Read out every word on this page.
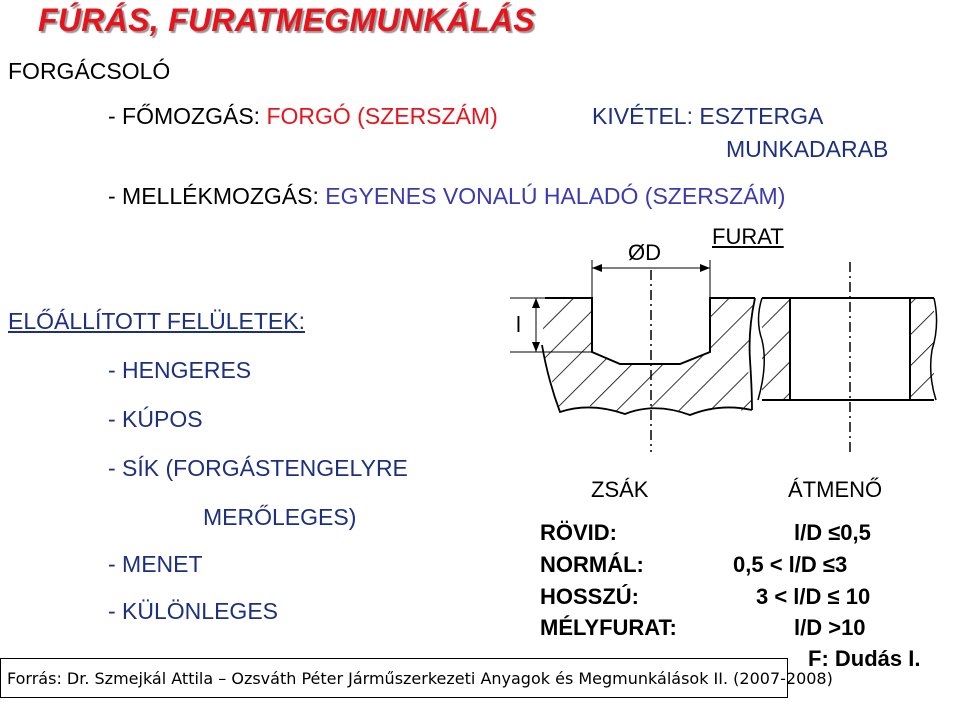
FÚRÁS, FURATMEGMUNKÁLÁS
FORGÁCSOLÓ
- FŐMOZGÁS: FORGÓ (SZERSZÁM)	KIVÉTEL: ESZTERGA
MUNKADARAB
- MELLÉKMOZGÁS: EGYENES VONALÚ HALADÓ (SZERSZÁM)
ELŐÁLLÍTOTT FELÜLETEK:
- HENGERES
- KÚPOS
- SÍK (FORGÁSTENGELYRE
MERŐLEGES)
- MENET
- KÜLÖNLEGES
ØD
FURAT
l
ZSÁK	ÁTMENŐ
RÖVID:	l/D ≤0,5
NORMÁL:	0,5 < l/D ≤3
HOSSZÚ:	3 < l/D ≤ 10
MÉLYFURAT:	l/D >10
F: Dudás I.
Forrás: Dr. Szmejkál Attila – Ozsváth Péter Járműszerkezeti Anyagok és Megmunkálások II. (2007-2008)
